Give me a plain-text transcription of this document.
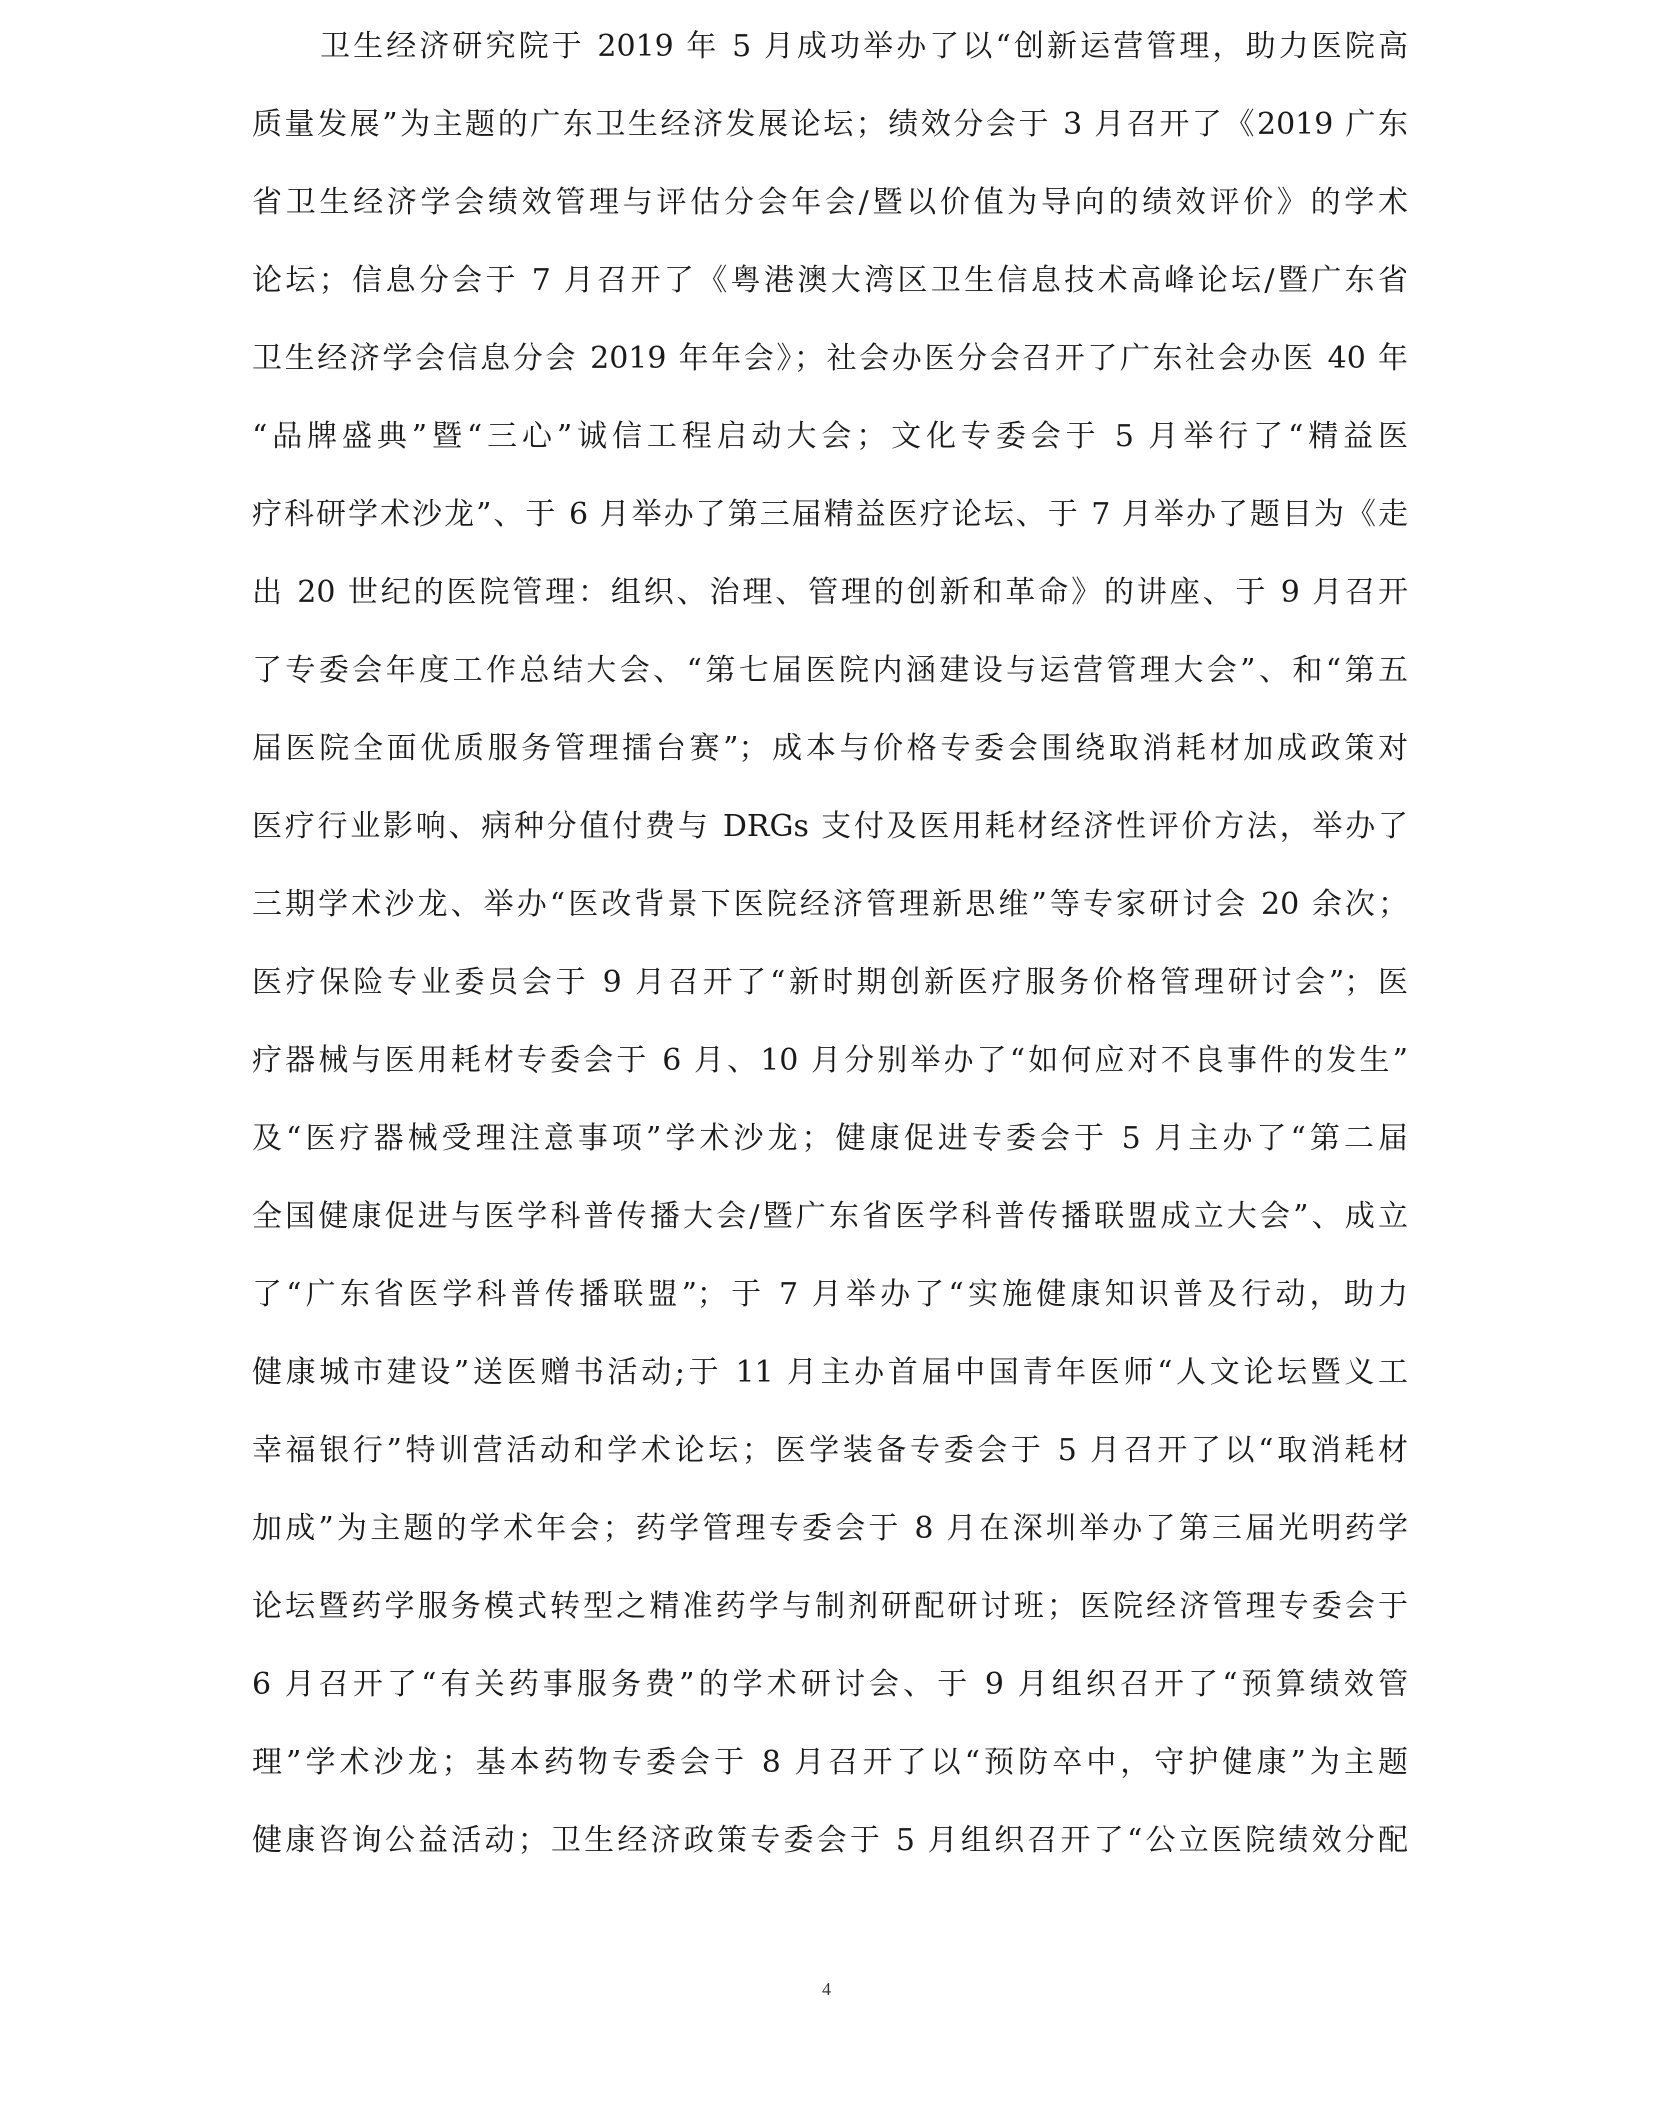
卫生经济研究院于 2019 年 5 月成功举办了以“创新运营管理，助力医院高
质量发展”为主题的广东卫生经济发展论坛；绩效分会于 3 月召开了《2019 广东
省卫生经济学会绩效管理与评估分会年会/暨以价值为导向的绩效评价》的学术
论坛；信息分会于 7 月召开了《粤港澳大湾区卫生信息技术高峰论坛/暨广东省
卫生经济学会信息分会 2019 年年会》；社会办医分会召开了广东社会办医 40 年
“品牌盛典”暨“三心”诚信工程启动大会；文化专委会于 5 月举行了“精益医
疗科研学术沙龙”、于 6 月举办了第三届精益医疗论坛、于 7 月举办了题目为《走
出 20 世纪的医院管理：组织、治理、管理的创新和革命》的讲座、于 9 月召开
了专委会年度工作总结大会、“第七届医院内涵建设与运营管理大会”、和“第五
届医院全面优质服务管理擂台赛”；成本与价格专委会围绕取消耗材加成政策对
医疗行业影响、病种分值付费与 DRGs 支付及医用耗材经济性评价方法，举办了
三期学术沙龙、举办“医改背景下医院经济管理新思维”等专家研讨会 20 余次；
医疗保险专业委员会于 9 月召开了“新时期创新医疗服务价格管理研讨会”；医
疗器械与医用耗材专委会于 6 月、10 月分别举办了“如何应对不良事件的发生”
及“医疗器械受理注意事项”学术沙龙；健康促进专委会于 5 月主办了“第二届
全国健康促进与医学科普传播大会/暨广东省医学科普传播联盟成立大会”、成立
了“广东省医学科普传播联盟”；于 7 月举办了“实施健康知识普及行动，助力
健康城市建设”送医赠书活动;于 11 月主办首届中国青年医师“人文论坛暨义工
幸福银行”特训营活动和学术论坛；医学装备专委会于 5 月召开了以“取消耗材
加成”为主题的学术年会；药学管理专委会于 8 月在深圳举办了第三届光明药学
论坛暨药学服务模式转型之精准药学与制剂研配研讨班；医院经济管理专委会于
6 月召开了“有关药事服务费”的学术研讨会、于 9 月组织召开了“预算绩效管
理”学术沙龙；基本药物专委会于 8 月召开了以“预防卒中，守护健康”为主题
健康咨询公益活动；卫生经济政策专委会于 5 月组织召开了“公立医院绩效分配
4
